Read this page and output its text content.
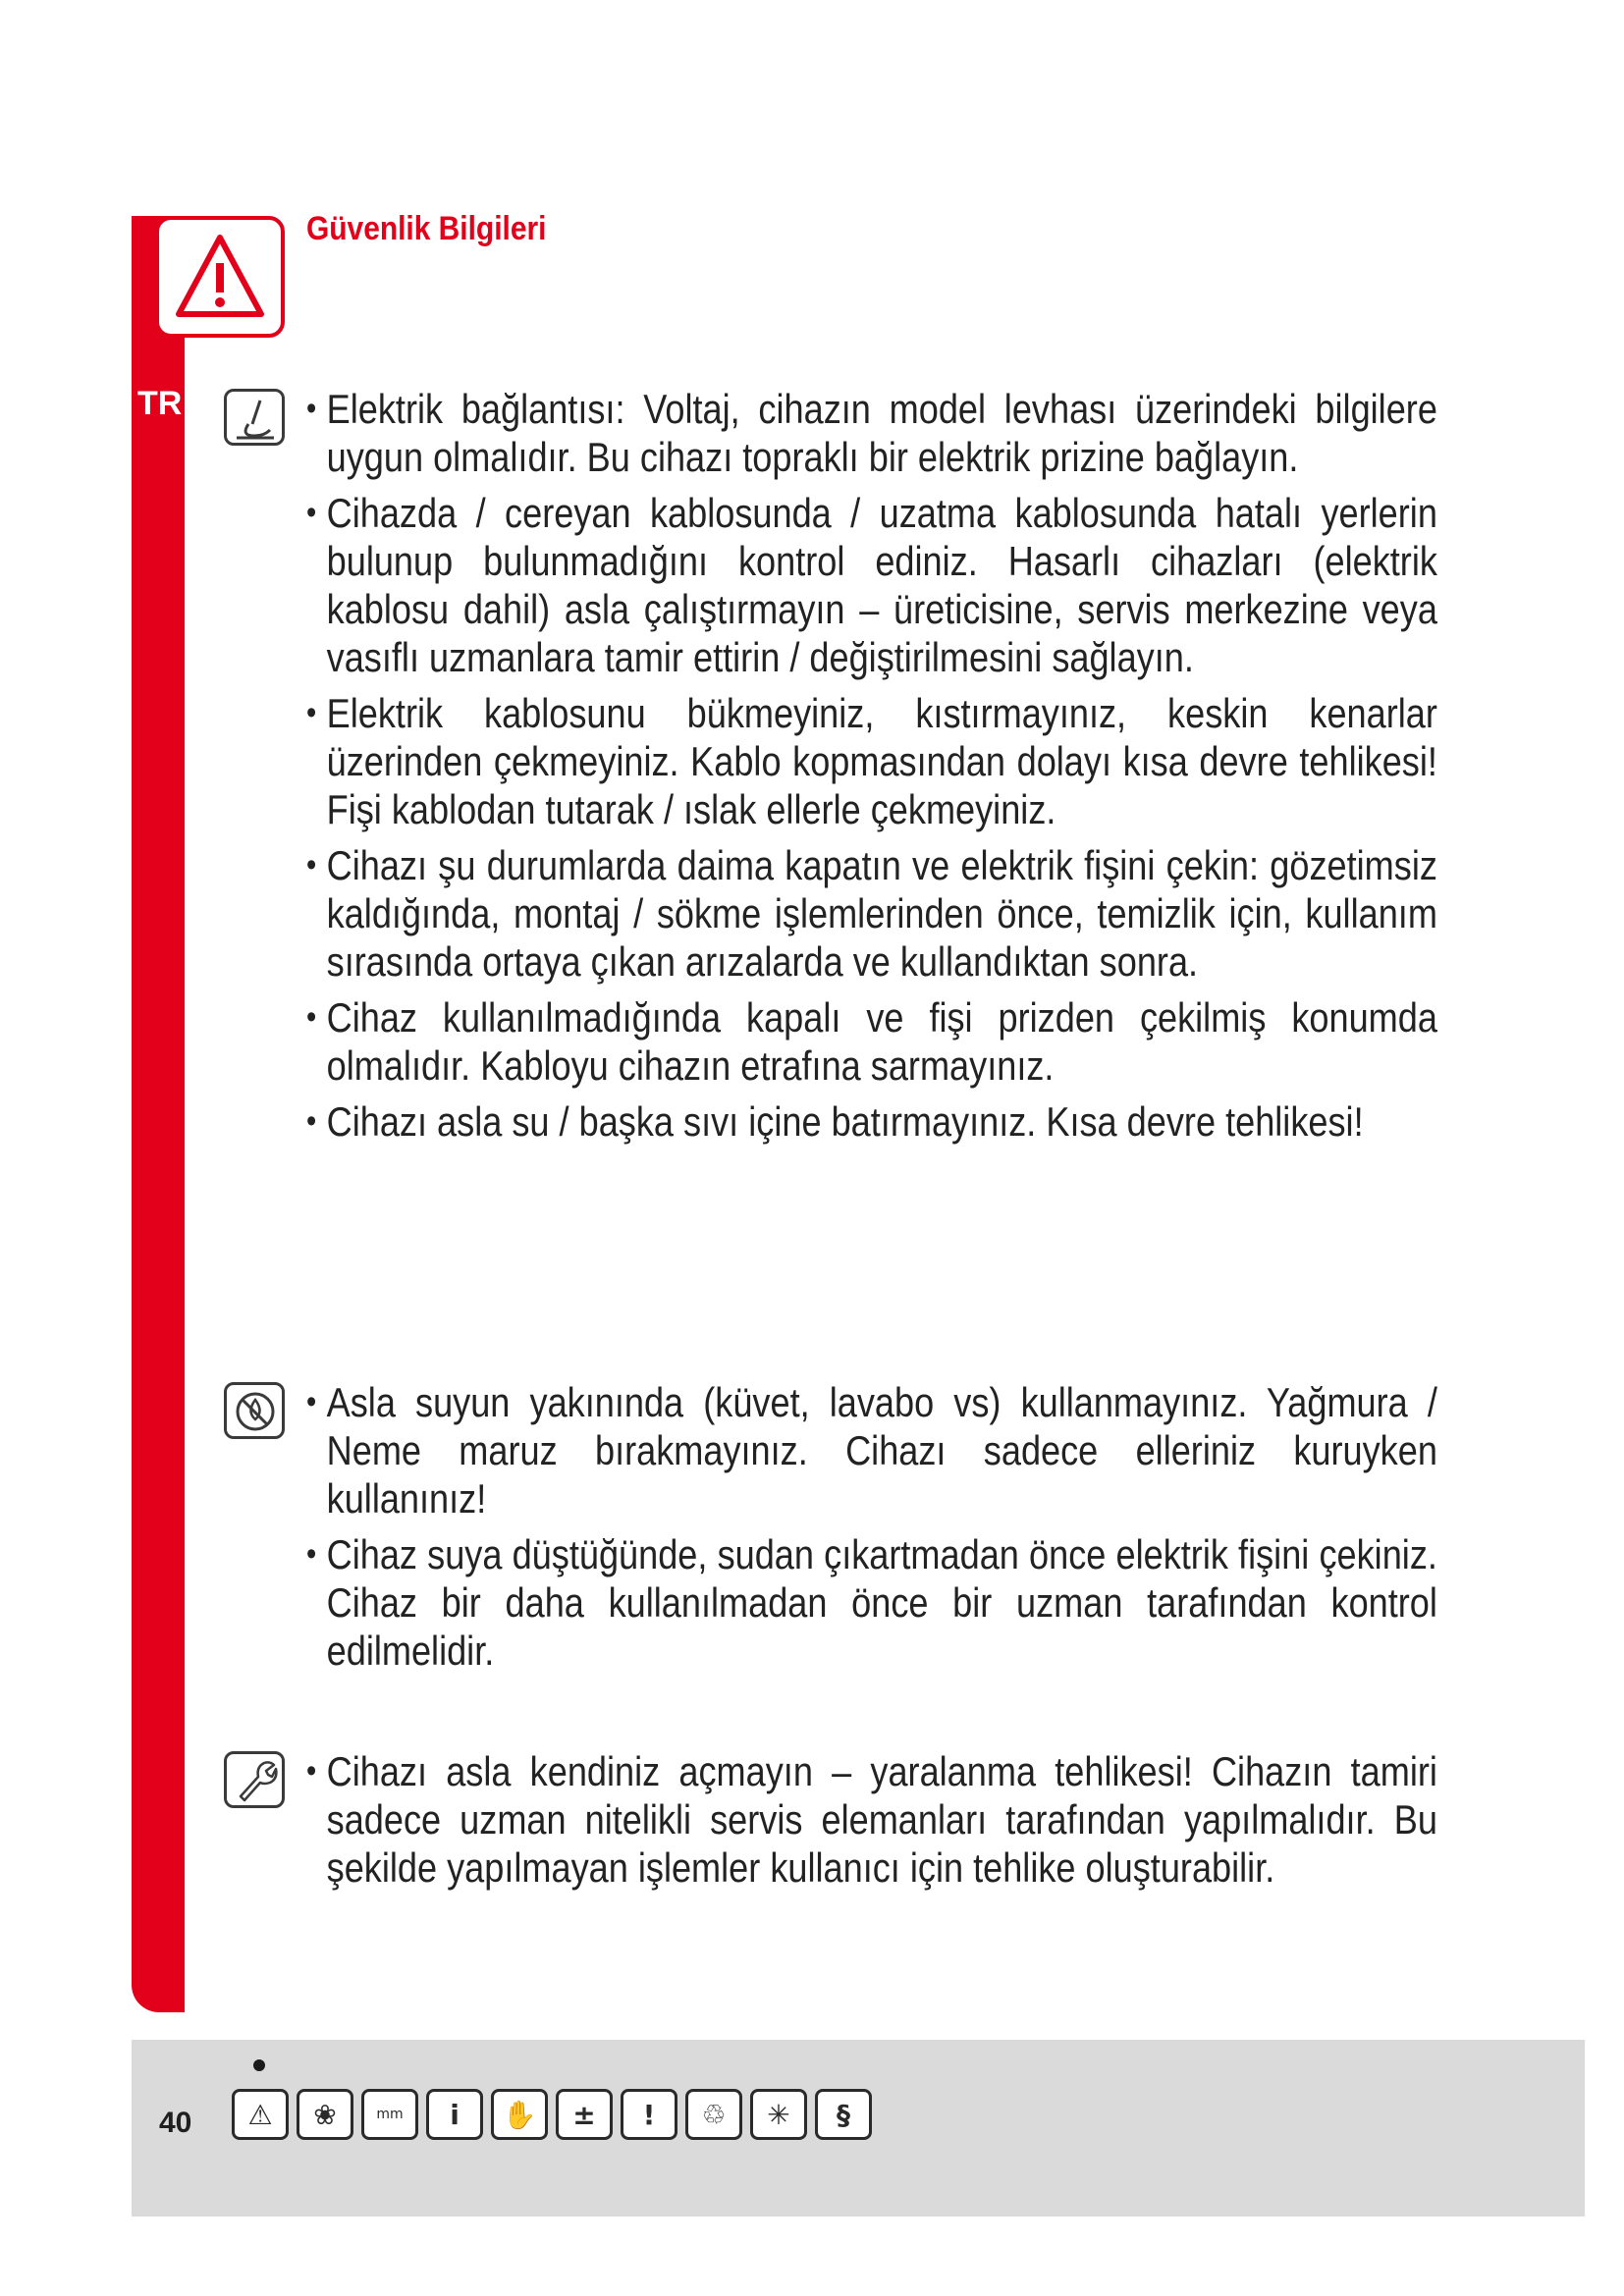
TR
Güvenlik Bilgileri
• Elektrik bağlantısı: Voltaj, cihazın model levhası üzerindeki bilgilere uygun olmalıdır. Bu cihazı topraklı bir elektrik prizine bağlayın.
• Cihazda / cereyan kablosunda / uzatma kablosunda hatalı yerlerin bulunup bulunmadığını kontrol ediniz. Hasarlı cihazları (elektrik kablosu dahil) asla çalıştırmayın – üreticisine, servis merkezine veya vasıflı uzmanlara tamir ettirin / değiştirilmesini sağlayın.
• Elektrik kablosunu bükmeyiniz, kıstırmayınız, keskin kenarlar üzerinden çekmeyiniz. Kablo kopmasından dolayı kısa devre tehlikesi! Fişi kablodan tutarak / ıslak ellerle çekmeyiniz.
• Cihazı şu durumlarda daima kapatın ve elektrik fişini çekin: gözetimsiz kaldığında, montaj / sökme işlemlerinden önce, temizlik için, kullanım sırasında ortaya çıkan arızalarda ve kullandıktan sonra.
• Cihaz kullanılmadığında kapalı ve fişi prizden çekilmiş konumda olmalıdır. Kabloyu cihazın etrafına sarmayınız.
• Cihazı asla su / başka sıvı içine batırmayınız. Kısa devre tehlikesi!
• Asla suyun yakınında (küvet, lavabo vs) kullanmayınız. Yağmura / Neme maruz bırakmayınız. Cihazı sadece elleriniz kuruyken kullanınız!
• Cihaz suya düştüğünde, sudan çıkartmadan önce elektrik fişini çekiniz. Cihaz bir daha kullanılmadan önce bir uzman tarafından kontrol edilmelidir.
• Cihazı asla kendiniz açmayın – yaralanma tehlikesi! Cihazın tamiri sadece uzman nitelikli servis elemanları tarafından yapılmalıdır. Bu şekilde yapılmayan işlemler kullanıcı için tehlike oluşturabilir.
40	⚠	❀	mm	i	✋	±	!	♲	✳	§
